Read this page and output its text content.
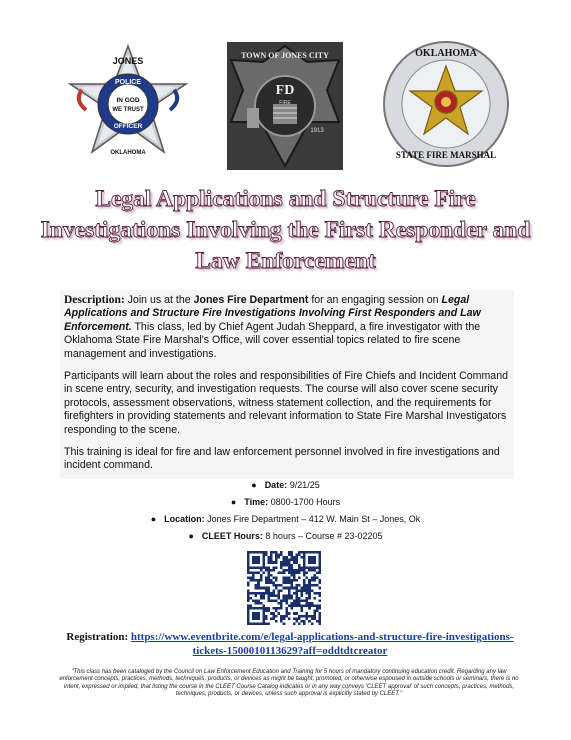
JONES
POLICE
IN GOD
WE TRUST
OFFICER
OKLAHOMA
TOWN OF JONES CITY
FD
FIRE
1913
OKLAHOMA
STATE FIRE MARSHAL
Legal Applications and Structure Fire
Investigations Involving the First Responder and
Law Enforcement

Description: Join us at the Jones Fire Department for an engaging session on Legal Applications and Structure Fire Investigations Involving First Responders and Law Enforcement. This class, led by Chief Agent Judah Sheppard, a fire investigator with the Oklahoma State Fire Marshal's Office, will cover essential topics related to fire scene management and investigations.

Participants will learn about the roles and responsibilities of Fire Chiefs and Incident Command in scene entry, security, and investigation requests. The course will also cover scene security protocols, assessment observations, witness statement collection, and the requirements for firefighters in providing statements and relevant information to State Fire Marshal Investigators responding to the scene.

This training is ideal for fire and law enforcement personnel involved in fire investigations and incident command.

● Date: 9/21/25
● Time: 0800-1700 Hours
● Location: Jones Fire Department – 412 W. Main St – Jones, Ok
● CLEET Hours: 8 hours – Course # 23-02205
Registration: https://www.eventbrite.com/e/legal-applications-and-structure-fire-investigations-tickets-1500010113629?aff=oddtdtcreator
"This class has been cataloged by the Council on Law Enforcement Education and Training for 5 hours of mandatory continuing education credit. Regarding any law enforcement concepts, practices, methods, techniques, products, or devices as might be taught, promoted, or otherwise espoused in outside schools or seminars, there is no intent, expressed or implied, that listing the course in the CLEET Course Catalog indicates or in any way conveys 'CLEET approval' of such concepts, practices, methods, techniques, products, or devices, unless such approval is explicitly stated by CLEET."
